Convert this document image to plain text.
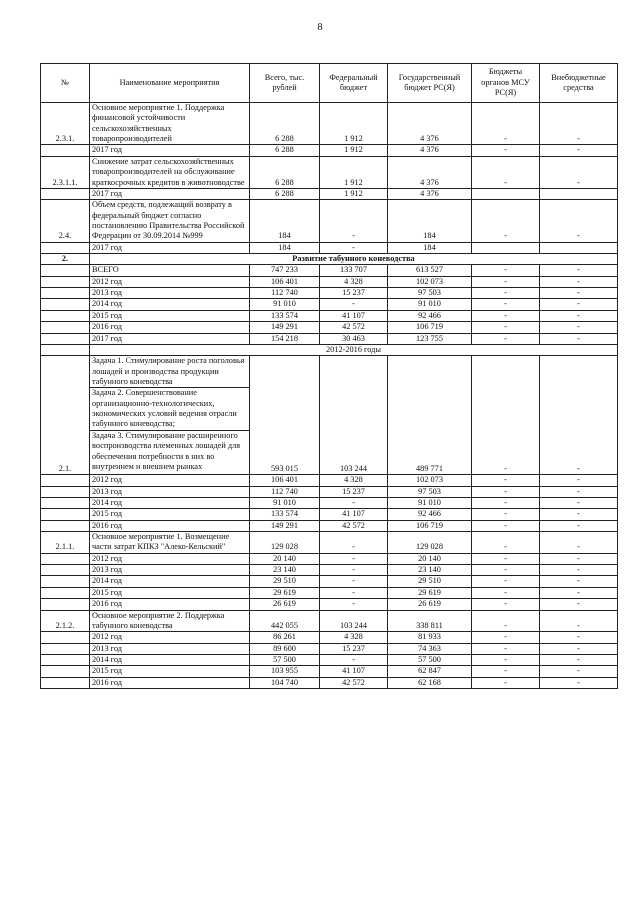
8
№	Наименование мероприятия	Всего, тыс. рублей	Федеральный бюджет	Государственный бюджет РС(Я)	Бюджеты органов МСУ РС(Я)	Внебюджетные средства
2.3.1.	Основное мероприятие 1. Поддержка финансовой устойчивости сельскохозяйственных товаропроизводителей	6 288	1 912	4 376	-	-
	2017 год	6 288	1 912	4 376	-	-
2.3.1.1.	Снижение затрат сельскохозяйственных товаропроизводителей на обслуживание краткосрочных кредитов в животноводстве	6 288	1 912	4 376	-	-
	2017 год	6 288	1 912	4 376		
2.4.	Объем средств, подлежащий возврату в федеральный бюджет согласно постановлению Правительства Российской Федерации от 30.09.2014 №999	184	-	184	-	-
	2017 год	184	-	184		
2.	Развитие табунного коневодства					
	ВСЕГО	747 233	133 707	613 527	-	-
	2012 год	106 401	4 328	102 073	-	-
	2013 год	112 740	15 237	97 503	-	-
	2014 год	91 010	-	91 010	-	-
	2015 год	133 574	41 107	92 466	-	-
	2016 год	149 291	42 572	106 719	-	-
	2017 год	154 218	30 463	123 755	-	-
	2012-2016 годы					
2.1.	Задача 1. Стимулирование роста поголовья лошадей и производства продукции табунного коневодства
Задача 2. Совершенствование организационно-технологических, экономических условий ведения отрасли табунного коневодства;
Задача 3. Стимулирование расширенного воспроизводства племенных лошадей для обеспечения потребности в них во внутреннем и внешнем рынках	593 015	103 244	489 771	-	-
	2012 год	106 401	4 328	102 073	-	-
	2013 год	112 740	15 237	97 503	-	-
	2014 год	91 010	-	91 010	-	-
	2015 год	133 574	41 107	92 466	-	-
	2016 год	149 291	42 572	106 719	-	-
2.1.1.	Основное мероприятие 1. Возмещение части затрат КПКЗ "Алеко-Кельский"	129 028	-	129 028	-	-
	2012 год	20 140	-	20 140	-	-
	2013 год	23 140	-	23 140	-	-
	2014 год	29 510	-	29 510	-	-
	2015 год	29 619	-	29 619	-	-
	2016 год	26 619	-	26 619	-	-
2.1.2.	Основное мероприятие 2. Поддержка табунного коневодства	442 055	103 244	338 811	-	-
	2012 год	86 261	4 328	81 933	-	-
	2013 год	89 600	15 237	74 363	-	-
	2014 год	57 500	-	57 500	-	-
	2015 год	103 955	41 107	62 847	-	-
	2016 год	104 740	42 572	62 168	-	-
